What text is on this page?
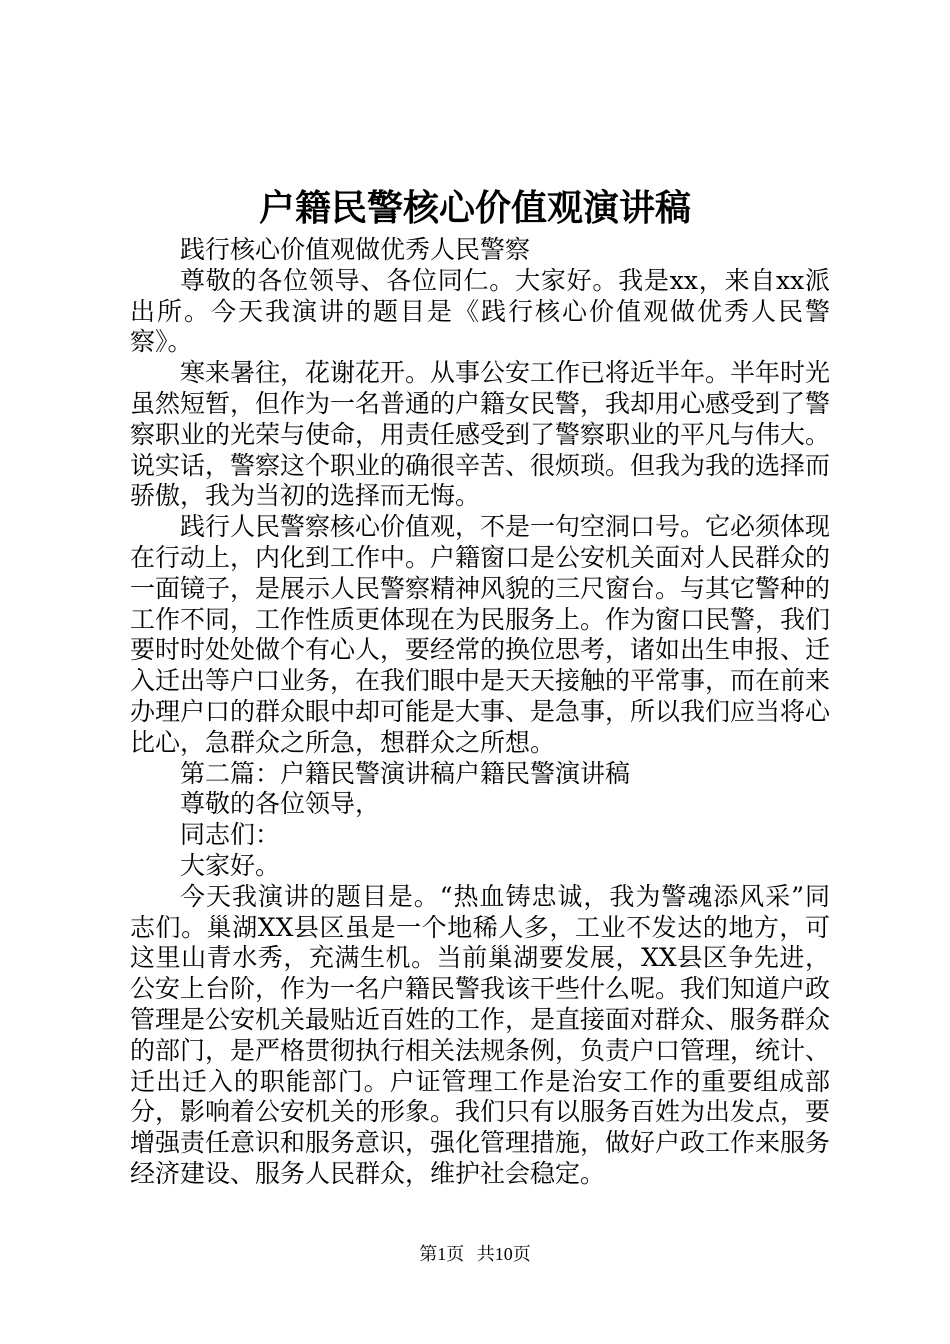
户籍民警核心价值观演讲稿

践行核心价值观做优秀人民警察

尊敬的各位领导、各位同仁。大家好。我是xx，来自xx派出所。今天我演讲的题目是《践行核心价值观做优秀人民警察》。

寒来暑往，花谢花开。从事公安工作已将近半年。半年时光虽然短暂，但作为一名普通的户籍女民警，我却用心感受到了警察职业的光荣与使命，用责任感受到了警察职业的平凡与伟大。说实话，警察这个职业的确很辛苦、很烦琐。但我为我的选择而骄傲，我为当初的选择而无悔。

践行人民警察核心价值观，不是一句空洞口号。它必须体现在行动上，内化到工作中。户籍窗口是公安机关面对人民群众的一面镜子，是展示人民警察精神风貌的三尺窗台。与其它警种的工作不同，工作性质更体现在为民服务上。作为窗口民警，我们要时时处处做个有心人，要经常的换位思考，诸如出生申报、迁入迁出等户口业务，在我们眼中是天天接触的平常事，而在前来办理户口的群众眼中却可能是大事、是急事，所以我们应当将心比心，急群众之所急，想群众之所想。

第二篇：户籍民警演讲稿户籍民警演讲稿

尊敬的各位领导，

同志们：

大家好。

今天我演讲的题目是。“热血铸忠诚，我为警魂添风采”同志们。巢湖XX县区虽是一个地稀人多，工业不发达的地方，可这里山青水秀，充满生机。当前巢湖要发展，XX县区争先进，公安上台阶，作为一名户籍民警我该干些什么呢。我们知道户政管理是公安机关最贴近百姓的工作，是直接面对群众、服务群众的部门，是严格贯彻执行相关法规条例，负责户口管理，统计、迁出迁入的职能部门。户证管理工作是治安工作的重要组成部分，影响着公安机关的形象。我们只有以服务百姓为出发点，要增强责任意识和服务意识，强化管理措施，做好户政工作来服务经济建设、服务人民群众，维护社会稳定。

第1页 共10页
